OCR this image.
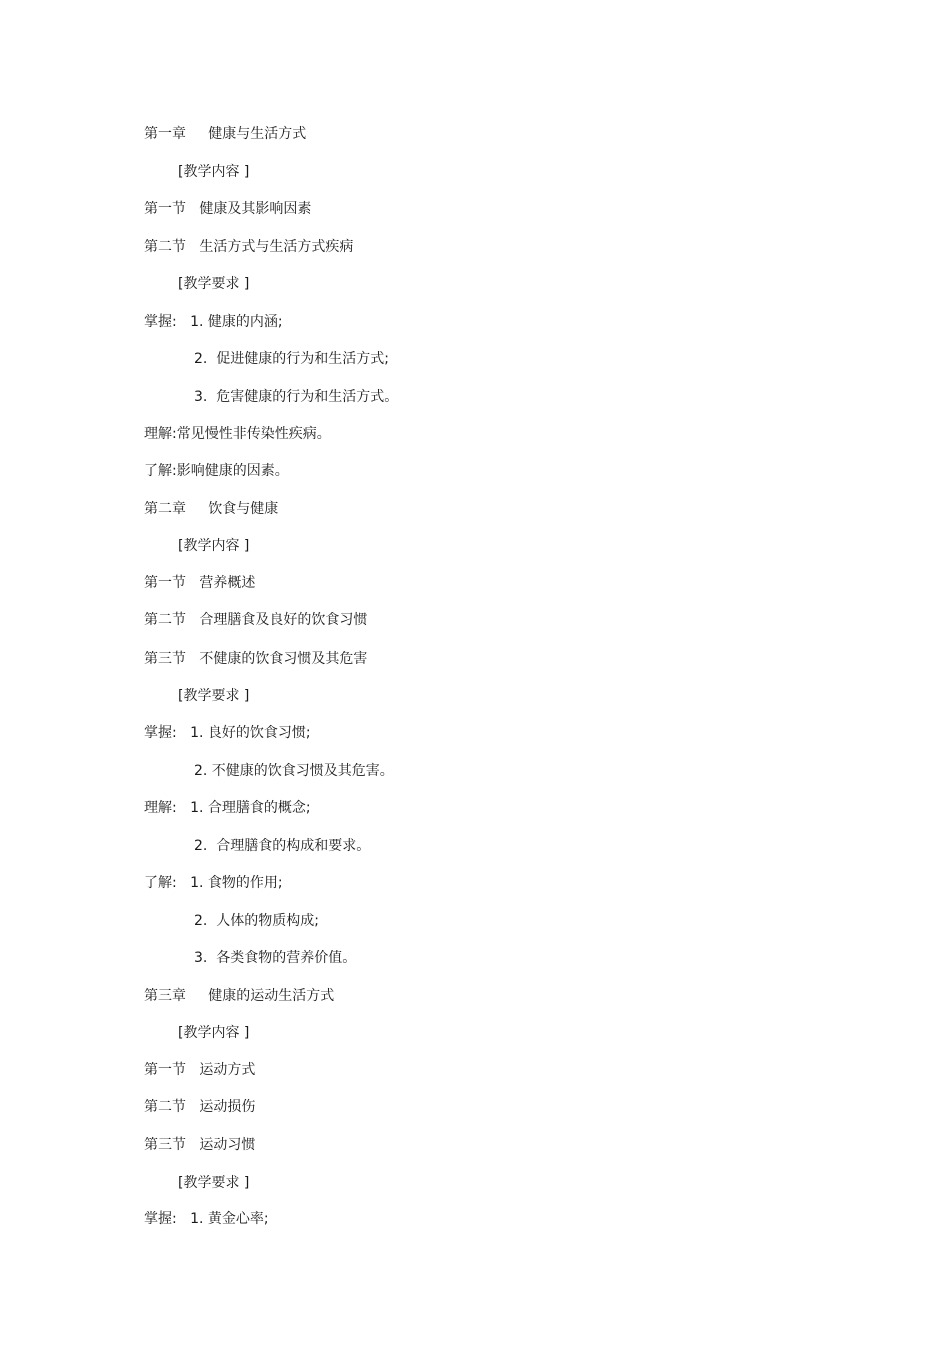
第一章     健康与生活方式
[教学内容 ]
第一节   健康及其影响因素
第二节   生活方式与生活方式疾病
[教学要求 ]
掌握:   1. 健康的内涵;
2.  促进健康的行为和生活方式;
3.  危害健康的行为和生活方式。
理解:常见慢性非传染性疾病。
了解:影响健康的因素。
第二章     饮食与健康
[教学内容 ]
第一节   营养概述
第二节   合理膳食及良好的饮食习惯
第三节   不健康的饮食习惯及其危害
[教学要求 ]
掌握:   1. 良好的饮食习惯;
2. 不健康的饮食习惯及其危害。
理解:   1. 合理膳食的概念;
2.  合理膳食的构成和要求。
了解:   1. 食物的作用;
2.  人体的物质构成;
3.  各类食物的营养价值。
第三章     健康的运动生活方式
[教学内容 ]
第一节   运动方式
第二节   运动损伤
第三节   运动习惯
[教学要求 ]
掌握:   1. 黄金心率;
